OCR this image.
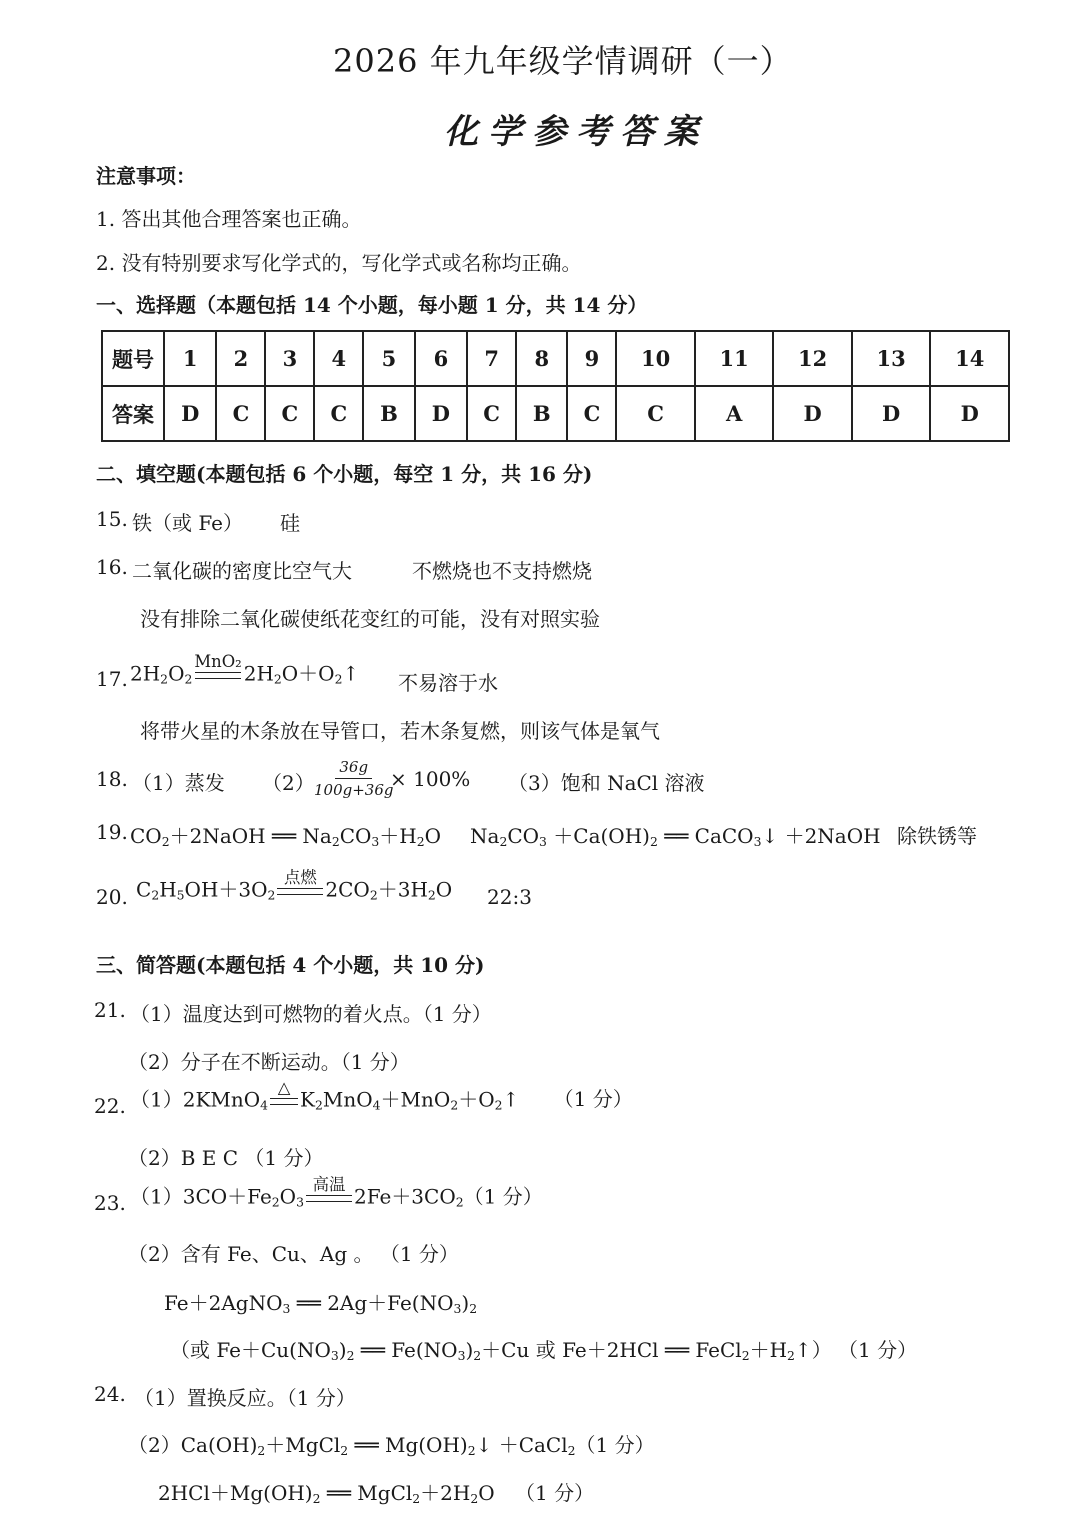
2026 年九年级学情调研（一）
化学参考答案
注意事项：
1. 答出其他合理答案也正确。
2. 没有特别要求写化学式的，写化学式或名称均正确。
一、选择题（本题包括 14 个小题，每小题 1 分，共 14 分）
题号	1	2	3	4	5	6	7	8	9	10	11	12	13	14
答案	D	C	C	C	B	D	C	B	C	C	A	D	D	D
二、填空题(本题包括 6 个小题，每空 1 分，共 16 分)
15. 铁（或 Fe） 硅
16. 二氧化碳的密度比空气大	不燃烧也不支持燃烧
没有排除二氧化碳使纸花变红的可能，没有对照实验
17. $2H_2O_2$
MnO₂ $2H_2O+O_2↑$ 不易溶于水
将带火星的木条放在导管口，若木条复燃，则该气体是氧气
18. （1）蒸发 （2）
$\frac{36g}{100g+36g}$
× 100% （3）饱和 NaCl 溶液
19. $CO_2+2NaOH$ ══ $Na_2CO_3+H_2O$ $Na_2CO_3 +Ca(OH)_2$ ══ CaCO$_3$↓ ＋2NaOH 除铁锈等
20. $C_2H_5OH+3O_2$
点燃 $2CO_2+3H_2O$ 22:3
三、简答题(本题包括 4 个小题，共 10 分)
21. （1）温度达到可燃物的着火点。（1 分）
（2）分子在不断运动。（1 分）
22. （1）2KMnO$_4$
△ $K_2MnO_4+MnO_2+O_2↑$ （1 分）
（2）B E C （1 分）
23. $(1)3CO+Fe_2O_3$
高温 $2Fe+3CO_2(1$ 分）
（2）含有 Fe、Cu、Ag 。 （1 分）
Fe＋2AgNO$_3$ ══ $2Ag+Fe(NO_3)_2$
（或 $Fe+Cu(NO_3)_2$ ══ $Fe(NO_3)_2+Cu$ 或 Fe＋2HCl ══ $FeCl_2+H_2↑$） （1 分）
24. （1）置换反应。（1 分）
$(2)Ca(OH)_2+MgCl_2$ ══ $Mg(OH)_2↓$ ＋CaCl$_2$（1 分）
$2HCl+Mg(OH)_2$ ══ $MgCl_2+2H_2O$ （1 分）
